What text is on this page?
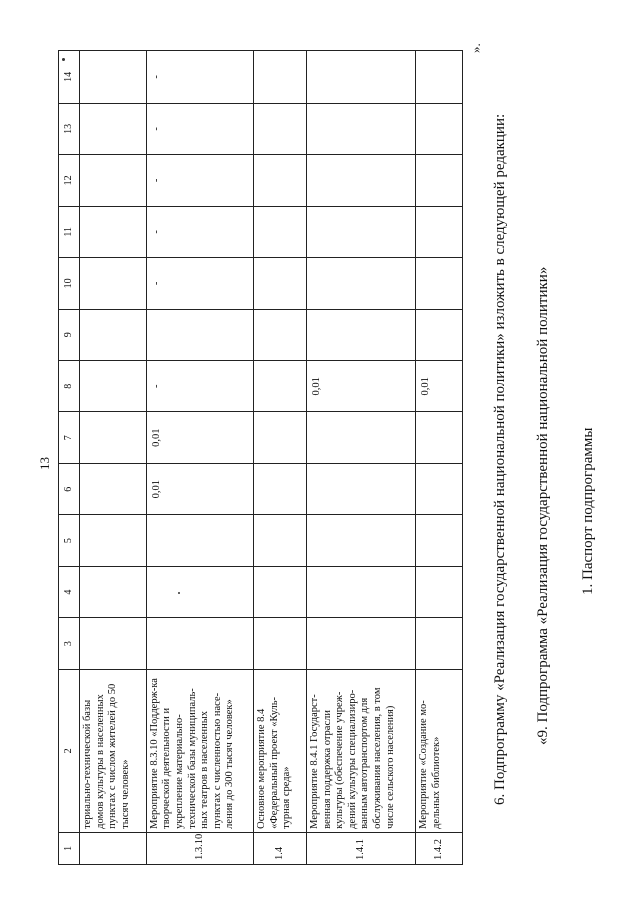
13
1	2	3	4	5	6	7	8	9	10	11	12	13	14
	териально-технической базы домов культуры в населенных пунктах с числом жителей до 50 тысяч человек»												
1.3.10.	Мероприятие 8.3.10 «Поддерж-ка творческой деятельности и укрепление материально-технической базы муниципаль-ных театров в населенных пунктах с численностью насе-ления до 300 тысяч человек»				0,01	0,01	-		-	-	-	-	-
1.4	Основное мероприятие 8.4 «Федеральный проект «Куль-турная среда»												
1.4.1	Мероприятие 8.4.1 Государст-венная поддержка отрасли культуры (обеспечение учреж-дений культуры специализиро-ванным автотранспортом для обслуживания населения, в том числе сельского населения)						0,01						
1.4.2	Мероприятие «Создание мо-дельных библиотек»						0,01						
».
6. Подпрограмму «Реализация государственной национальной политики» изложить в следующей редакции: «9. Подпрограмма «Реализация государственной национальной политики» 1. Паспорт подпрограммы
